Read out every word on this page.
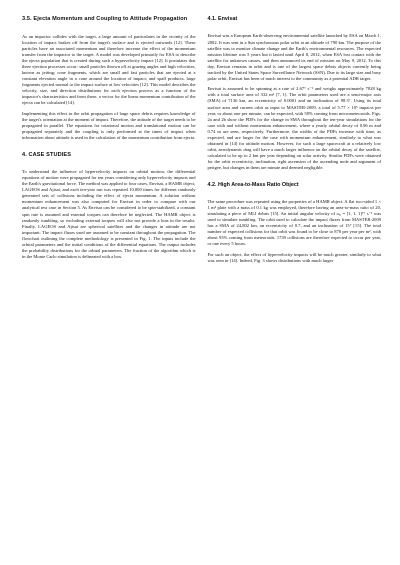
3.5. Ejecta Momentum and Coupling to Attitude Propagation

As an impactor collides with the target, a large amount of particulates in the vicinity of the location of impact brakes off from the target's surface and is ejected outwards [12]. These particles have an associated momentum and therefore increase the effect of the momentum transfer from the impactor to the target. A model was developed primarily for ESA to describe the ejecta population that is created during such a hypervelocity impact [12]. It postulates that three ejection processes occur: small particles thrown off at grazing angles and high velocities, known as jetting; cone fragments, which are small and fast particles that are ejected at a constant elevation angle in a cone around the location of impact; and spall products, large fragments ejected normal to the impact surface at low velocities [12]. This model describes the velocity, size, and direction distributions for each ejection process as a function of the impactor's characteristics and from these, a vector for the linear momentum contribution of the ejecta can be calculated [14].

Implementing this effect in the orbit propagation of large space debris requires knowledge of the target's orientation at the moment of impact. Therefore, the attitude of the target needs to be propagated in parallel. The equations for rotational motion and translational motion can be propagated separately and the coupling is only performed at the times of impact when information about attitude is used in the calculation of the momentum contribution from ejecta.

4. CASE STUDIES

To understand the influence of hypervelocity impacts on orbital motion, the differential equations of motion were propagated for ten years considering only hypervelocity impacts and the Earth's gravitational force. The method was applied to four cases, Envisat, a HAMR object, LAGEOS and Ajisai, and each ten-year run was repeated 10,000 times for different randomly generated sets of collisions including the effect of ejecta momentum. A solution without momentum enhancement was also computed for Envisat in order to compare with our analytical test case in Section 5. As Envisat can be considered to be spin-stabilized, a constant spin rate is assumed and external torques can therefore be neglected. The HAMR object is randomly tumbling, so excluding external torques will also not provide a bias in the results. Finally, LAGEOS and Ajisai are spherical satellites and the changes in attitude are not important. The impact fluxes used are assumed to be constant throughout the propagation. The flowchart outlining the complete methodology is presented in Fig. 1. The inputs include the orbital parameters and the initial conditions of the differential equations. The output includes the probability distributions for the orbital parameters. The fraction of the algorithm which is in the Monte Carlo simulation is delineated with a box.

4.1. Envisat

Envisat was a European Earth-observing environmental satellite launched by ESA on March 1, 2002. It was sent in a Sun synchronous polar orbit at an altitude of 790 km. The purpose of the satellite was to monitor climate change and the Earth's environmental resources. The expected mission lifetime was 5 years but it lasted until April 8, 2012, when ESA lost contact with the satellite for unknown causes, and then announced its end of mission on May 9, 2012. To this day, Envisat remains in orbit and is one of the largest space debris objects currently being tracked by the United States Space Surveillance Network (SSN). Due to its large size and busy polar orbit, Envisat has been of much interest to the community as a potential ADR target.

Envisat is assumed to be spinning at a rate of 2.67° s⁻¹ and weighs approximately 7828 kg with a total surface area of 332 m² [7, 1]. The orbit parameters used are a semi-major axis (SMA) of 7136 km, an eccentricity of 0.0001 and an inclination of 98.3°. Using its total surface area and current orbit as input to MASTER-2009, a total of 5.77 × 10⁵ impacts per year, or about one per minute, can be expected, with 58% coming from micrometeoroids. Figs. 2a and 2b show the PDFs for the change in SMA throughout the ten-year simulations for the case with and without momentum enhancement, where a yearly orbital decay of 0.96 m and 0.74 m are seen, respectively. Furthermore, the widths of the PDFs increase with time, as expected, and are larger for the case with momentum enhancement, similarly to what was obtained in [14] for attitude motion. However, for such a large spacecraft at a relatively low orbit, aerodynamic drag will have a much larger influence on the orbital decay of the satellite, calculated to be up to 2 km per year depending on solar activity. Similar PDFs were obtained for the orbit eccentricity, inclination, right ascension of the ascending node and argument of perigee, but changes in them are minute and deemed negligible.

4.2. High Area-to-Mass Ratio Object

The same procedure was repeated using the properties of a HAMR object. A flat two-sided 1 × 1 m² plate with a mass of 0.1 kg was employed, therefore having an area-to-mass ratio of 20, simulating a piece of MLI debris [15]. An initial angular velocity of ω₀ = [1, 1, 1]ᵀ° s⁻¹ was used to simulate tumbling. The orbit used to calculate the impact fluxes from MASTER-2009 has a SMA of 24,802 km, an eccentricity of 0.7, and an inclination of 15° [15]. The total number of expected collisions for that orbit was found to be close to 870 per year per m², with about 93% coming from meteoroids. 1739 collisions are therefore expected to occur per year, or one every 5 hours.

For such an object, the effect of hypervelocity impacts will be much greater, similarly to what was seen in [14]. Indeed, Fig. 3 shows distributions with much larger
